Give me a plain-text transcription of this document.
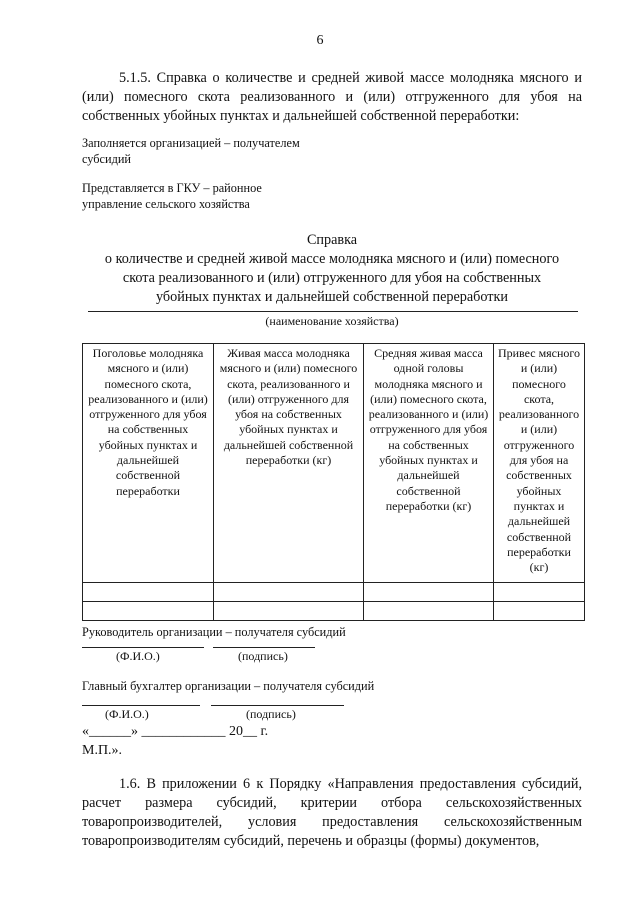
6
5.1.5. Справка о количестве и средней живой массе молодняка мясного и (или) помесного скота реализованного и (или) отгруженного для убоя на собственных убойных пунктах и дальнейшей собственной переработки:
Заполняется организацией – получателем
субсидий
Представляется в ГКУ – районное
управление сельского хозяйства
Справка
о количестве и средней живой массе молодняка мясного и (или) помесного
скота реализованного и (или) отгруженного для убоя на собственных
убойных пунктах и дальнейшей собственной переработки
(наименование хозяйства)
Поголовье молодняка мясного и (или) помесного скота, реализованного и (или) отгруженного для убоя на собственных убойных пунктах и дальнейшей собственной переработки	Живая масса молодняка мясного и (или) помесного скота, реализованного и (или) отгруженного для убоя на собственных убойных пунктах и дальнейшей собственной переработки (кг)	Средняя живая масса одной головы молодняка мясного и (или) помесного скота, реализованного и (или) отгруженного для убоя на собственных убойных пунктах и дальнейшей собственной переработки (кг)	Привес мясного и (или) помесного скота, реализованного и (или) отгруженного для убоя на собственных убойных пунктах и дальнейшей собственной переработки (кг)

Руководитель организации – получателя субсидий
(Ф.И.О.)	(подпись)
Главный бухгалтер организации – получателя субсидий
(Ф.И.О.)	(подпись)
«______» ____________ 20__ г.
М.П.».
1.6. В приложении 6 к Порядку «Направления предоставления субсидий, расчет размера субсидий, критерии отбора сельскохозяйственных товаропроизводителей, условия предоставления сельскохозяйственным товаропроизводителям субсидий, перечень и образцы (формы) документов,
